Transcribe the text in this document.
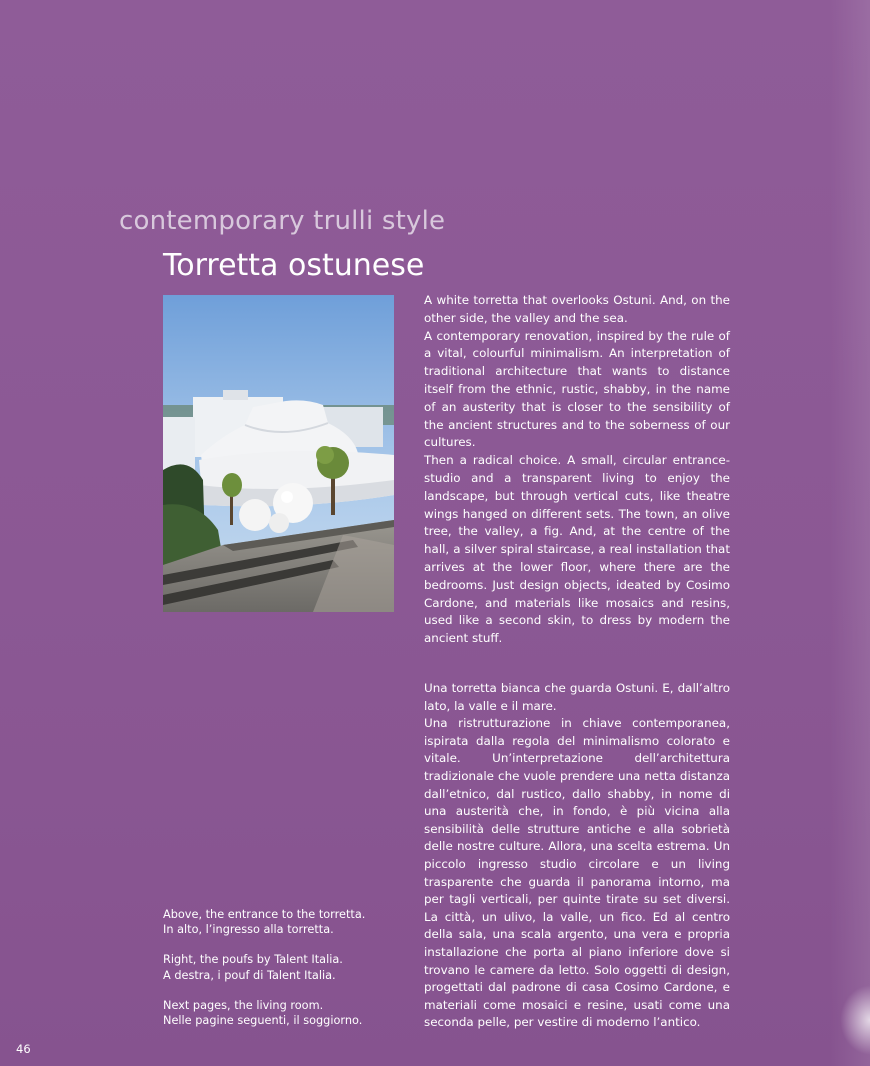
contemporary trulli style
Torretta ostunese

A white torretta that overlooks Ostuni. And, on the other side, the valley and the sea.

A contemporary renovation, inspired by the rule of a vital, colourful minimalism. An interpretation of traditional architecture that wants to distance itself from the ethnic, rustic, shabby, in the name of an austerity that is closer to the sensibility of the ancient structures and to the soberness of our cultures.

Then a radical choice. A small, circular entrance-studio and a transparent living to enjoy the landscape, but through vertical cuts, like theatre wings hanged on different sets. The town, an olive tree, the valley, a fig. And, at the centre of the hall, a silver spiral staircase, a real installation that arrives at the lower floor, where there are the bedrooms. Just design objects, ideated by Cosimo Cardone, and materials like mosaics and resins, used like a second skin, to dress by modern the ancient stuff.

Una torretta bianca che guarda Ostuni. E, dall’altro lato, la valle e il mare.

Una ristrutturazione in chiave contemporanea, ispirata dalla regola del minimalismo colorato e vitale. Un’interpretazione dell’architettura tradizionale che vuole prendere una netta distanza dall’etnico, dal rustico, dallo shabby, in nome di una austerità che, in fondo, è più vicina alla sensibilità delle strutture antiche e alla sobrietà delle nostre culture. Allora, una scelta estrema. Un piccolo ingresso studio circolare e un living trasparente che guarda il panorama intorno, ma per tagli verticali, per quinte tirate su set diversi. La città, un ulivo, la valle, un fico. Ed al centro della sala, una scala argento, una vera e propria installazione che porta al piano inferiore dove si trovano le camere da letto. Solo oggetti di design, progettati dal padrone di casa Cosimo Cardone, e materiali come mosaici e resine, usati come una seconda pelle, per vestire di moderno l’antico.

Above, the entrance to the torretta.
In alto, l’ingresso alla torretta.

Right, the poufs by Talent Italia.
A destra, i pouf di Talent Italia.

Next pages, the living room.
Nelle pagine seguenti, il soggiorno.

46
